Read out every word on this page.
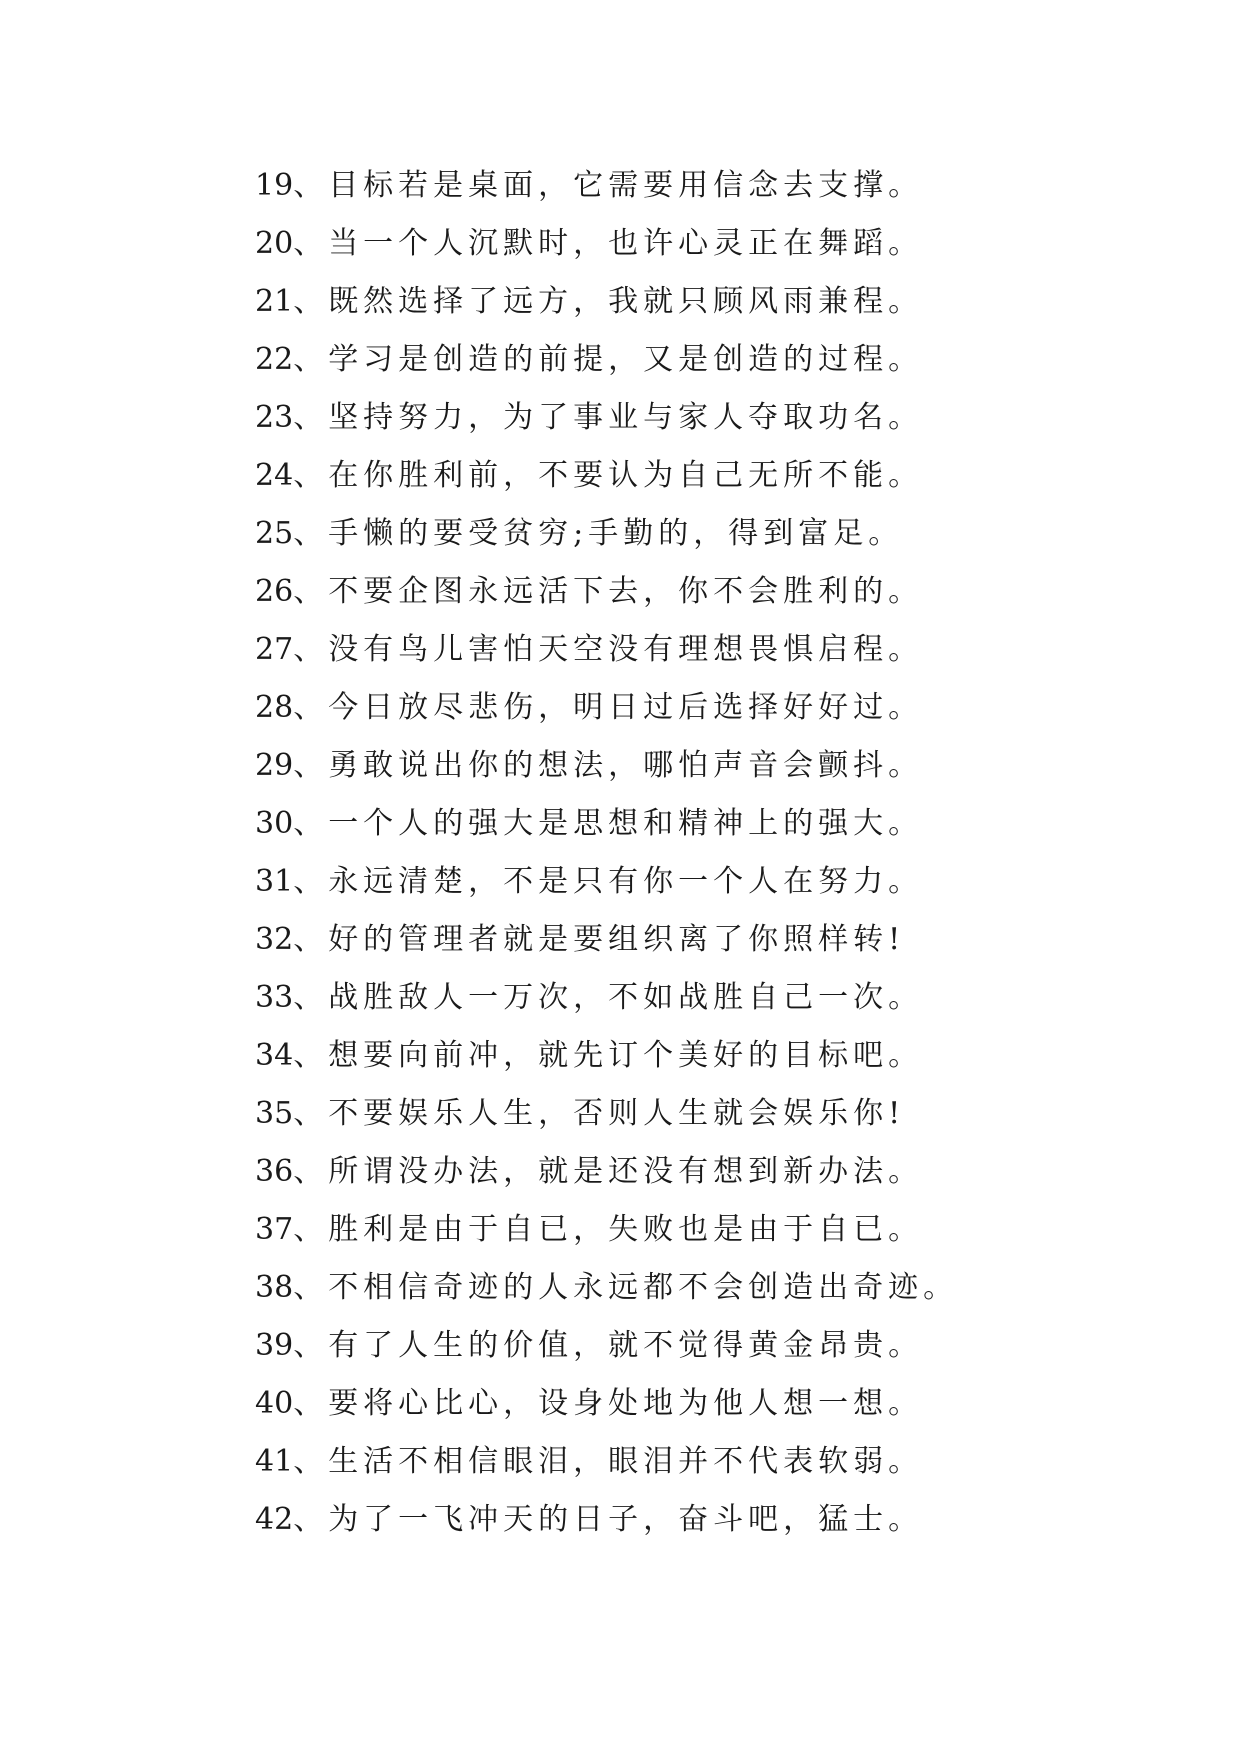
19、目标若是桌面，它需要用信念去支撑。
20、当一个人沉默时，也许心灵正在舞蹈。
21、既然选择了远方，我就只顾风雨兼程。
22、学习是创造的前提，又是创造的过程。
23、坚持努力，为了事业与家人夺取功名。
24、在你胜利前，不要认为自己无所不能。
25、手懒的要受贫穷;手勤的，得到富足。
26、不要企图永远活下去，你不会胜利的。
27、没有鸟儿害怕天空没有理想畏惧启程。
28、今日放尽悲伤，明日过后选择好好过。
29、勇敢说出你的想法，哪怕声音会颤抖。
30、一个人的强大是思想和精神上的强大。
31、永远清楚，不是只有你一个人在努力。
32、好的管理者就是要组织离了你照样转!
33、战胜敌人一万次，不如战胜自己一次。
34、想要向前冲，就先订个美好的目标吧。
35、不要娱乐人生，否则人生就会娱乐你!
36、所谓没办法，就是还没有想到新办法。
37、胜利是由于自已，失败也是由于自已。
38、不相信奇迹的人永远都不会创造出奇迹。
39、有了人生的价值，就不觉得黄金昂贵。
40、要将心比心，设身处地为他人想一想。
41、生活不相信眼泪，眼泪并不代表软弱。
42、为了一飞冲天的日子，奋斗吧，猛士。
